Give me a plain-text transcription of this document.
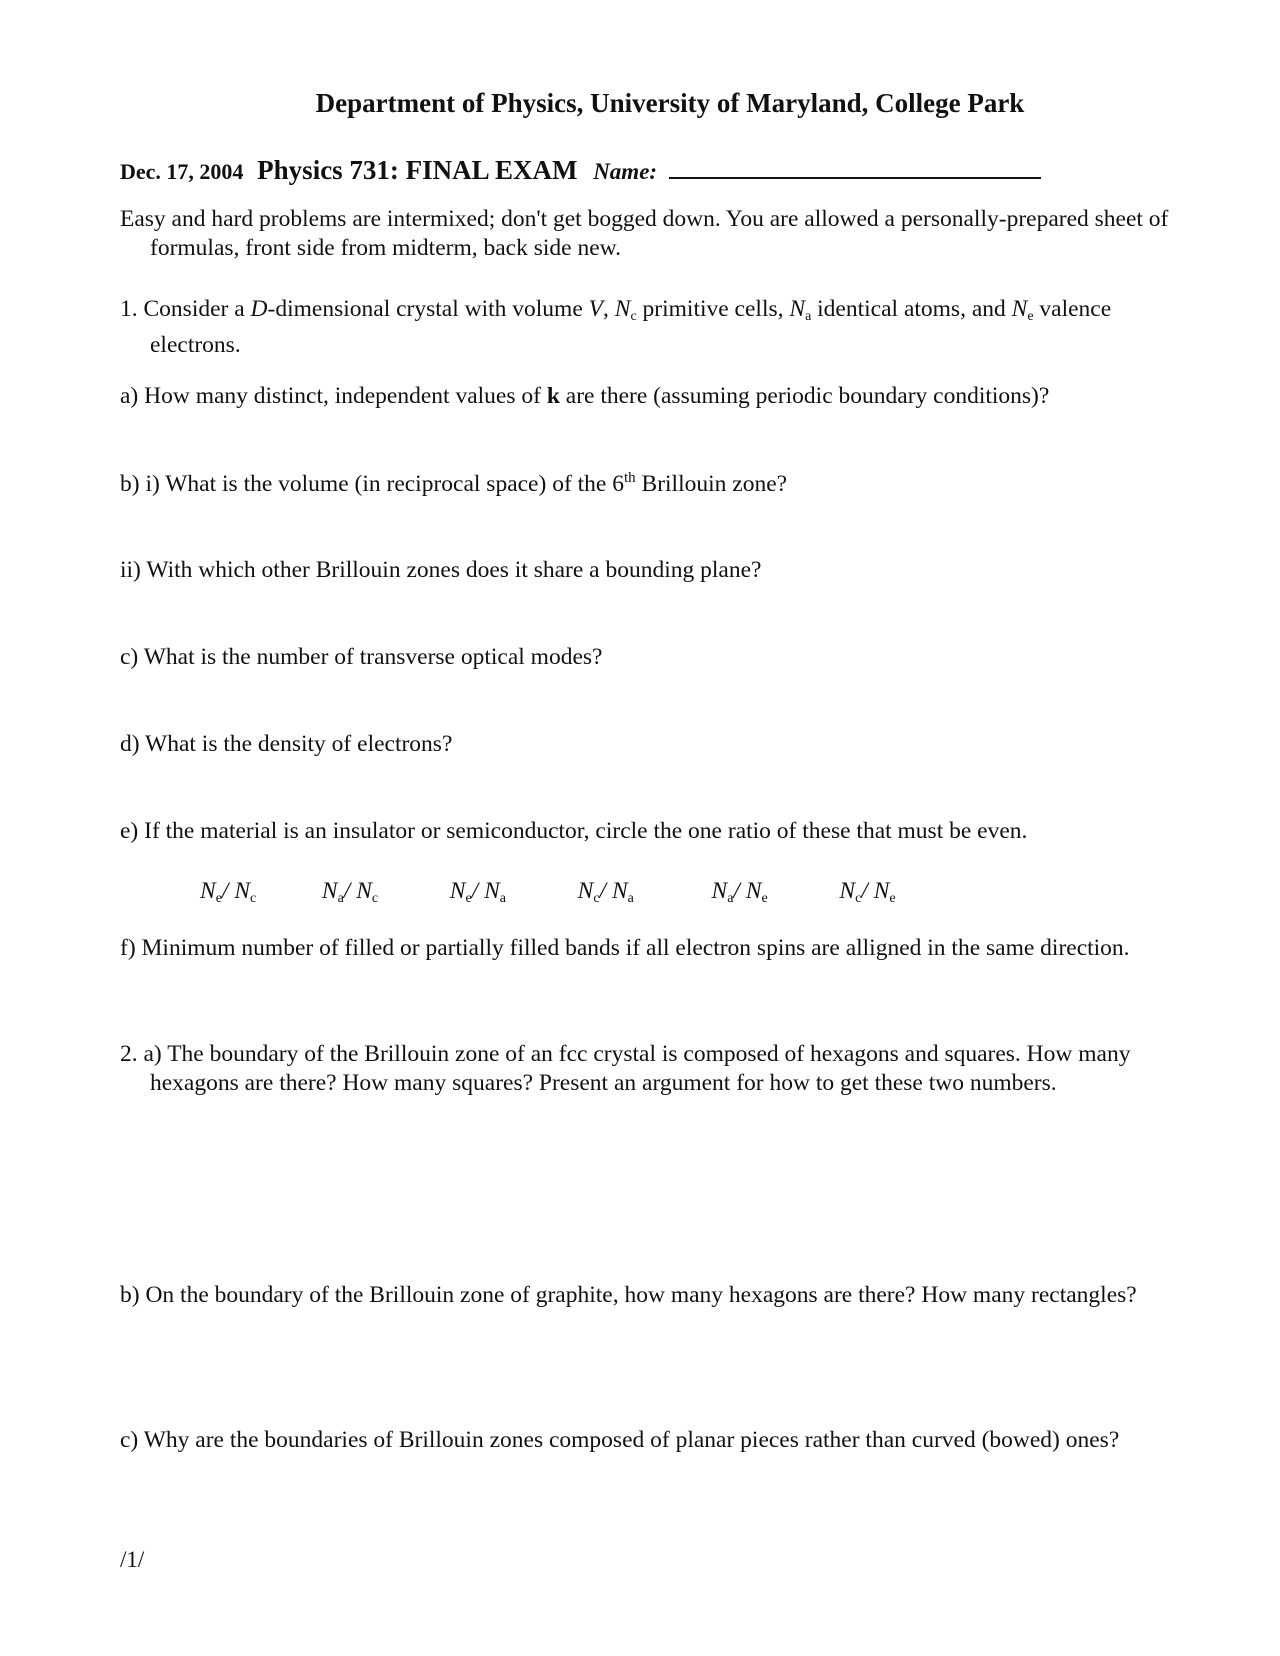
Department of Physics, University of Maryland, College Park
Dec. 17, 2004 Physics 731: FINAL EXAM Name:
Easy and hard problems are intermixed; don't get bogged down. You are allowed a personally-prepared sheet of
formulas, front side from midterm, back side new.
1. Consider a D-dimensional crystal with volume V, $N_c$ primitive cells, $N_a$ identical atoms, and $N_e$ valence
electrons.
a) How many distinct, independent values of k are there (assuming periodic boundary conditions)?
b) i) What is the volume (in reciprocal space) of the 6th Brillouin zone?
ii) With which other Brillouin zones does it share a bounding plane?
c) What is the number of transverse optical modes?
d) What is the density of electrons?
e) If the material is an insulator or semiconductor, circle the one ratio of these that must be even.
$N_e/$ $N_c$	$N_a/$ $N_c$	$N_e/$ $N_a$	$N_c/$ $N_a$	$N_a/$ $N_e$	$N_c/$ $N_e$
f) Minimum number of filled or partially filled bands if all electron spins are alligned in the same direction.
2. a) The boundary of the Brillouin zone of an fcc crystal is composed of hexagons and squares. How many
hexagons are there? How many squares? Present an argument for how to get these two numbers.
b) On the boundary of the Brillouin zone of graphite, how many hexagons are there? How many rectangles?
c) Why are the boundaries of Brillouin zones composed of planar pieces rather than curved (bowed) ones?
/1/
